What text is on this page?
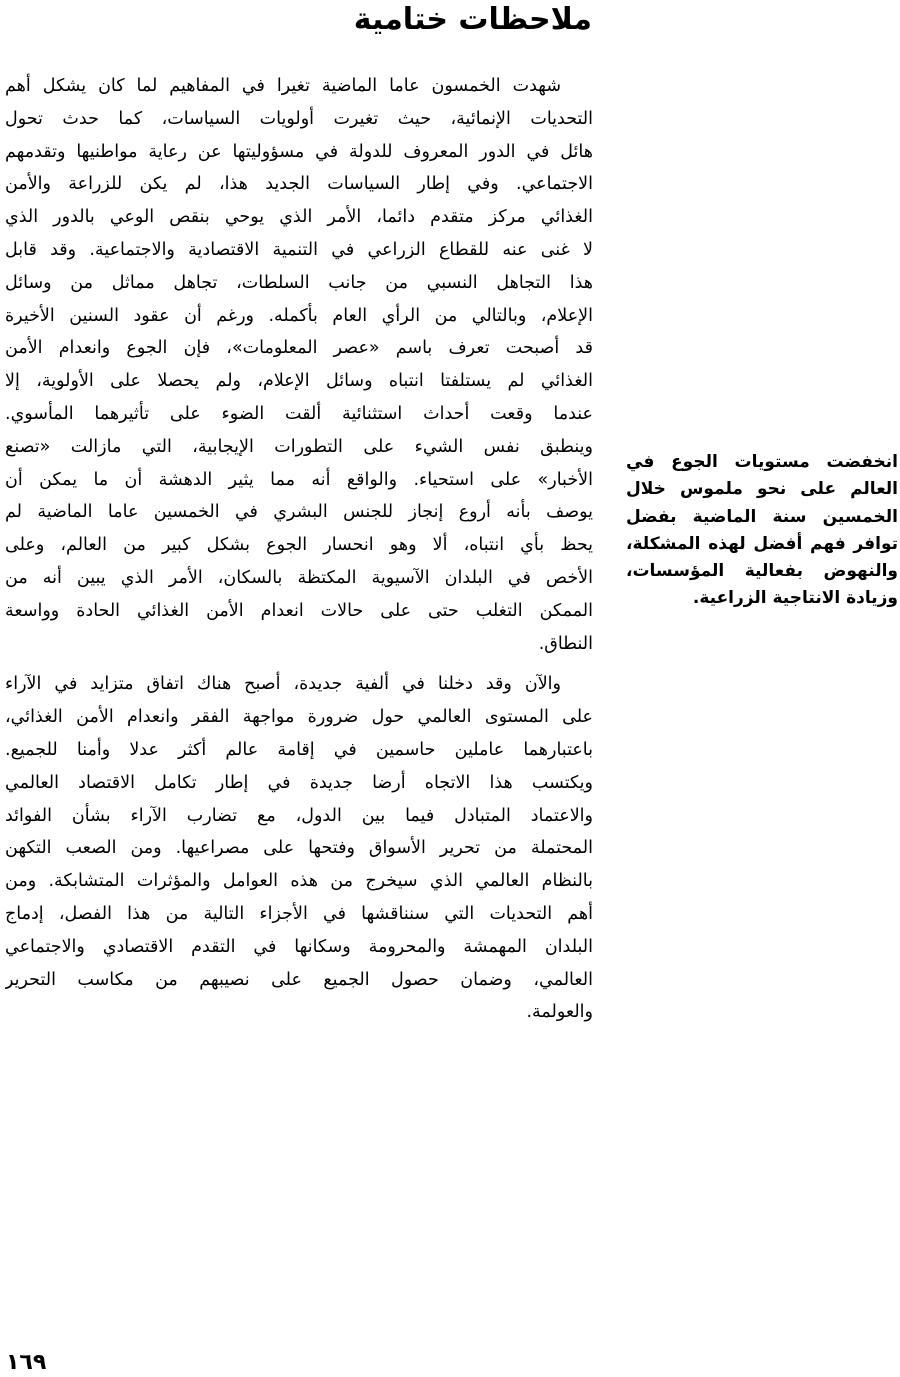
ملاحظات ختامية
شهدت الخمسون عاما الماضية تغيرا في المفاهيم لما كان يشكل أهم
التحديات الإنمائية، حيث تغيرت أولويات السياسات، كما حدث تحول
هائل في الدور المعروف للدولة في مسؤوليتها عن رعاية مواطنيها وتقدمهم
الاجتماعي. وفي إطار السياسات الجديد هذا، لم يكن للزراعة والأمن
الغذائي مركز متقدم دائما، الأمر الذي يوحي بنقص الوعي بالدور الذي
لا غنى عنه للقطاع الزراعي في التنمية الاقتصادية والاجتماعية. وقد قابل
هذا التجاهل النسبي من جانب السلطات، تجاهل مماثل من وسائل
الإعلام، وبالتالي من الرأي العام بأكمله. ورغم أن عقود السنين الأخيرة
قد أصبحت تعرف باسم «عصر المعلومات»، فإن الجوع وانعدام الأمن
الغذائي لم يستلفتا انتباه وسائل الإعلام، ولم يحصلا على الأولوية، إلا
عندما وقعت أحداث استثنائية ألقت الضوء على تأثيرهما المأسوي.
وينطبق نفس الشيء على التطورات الإيجابية، التي مازالت «تصنع
الأخبار» على استحياء. والواقع أنه مما يثير الدهشة أن ما يمكن أن
يوصف بأنه أروع إنجاز للجنس البشري في الخمسين عاما الماضية لم
يحظ بأي انتباه، ألا وهو انحسار الجوع بشكل كبير من العالم، وعلى
الأخص في البلدان الآسيوية المكتظة بالسكان، الأمر الذي يبين أنه من
الممكن التغلب حتى على حالات انعدام الأمن الغذائي الحادة وواسعة
النطاق.
والآن وقد دخلنا في ألفية جديدة، أصبح هناك اتفاق متزايد في الآراء
على المستوى العالمي حول ضرورة مواجهة الفقر وانعدام الأمن الغذائي،
باعتبارهما عاملين حاسمين في إقامة عالم أكثر عدلا وأمنا للجميع.
ويكتسب هذا الاتجاه أرضا جديدة في إطار تكامل الاقتصاد العالمي
والاعتماد المتبادل فيما بين الدول، مع تضارب الآراء بشأن الفوائد
المحتملة من تحرير الأسواق وفتحها على مصراعيها. ومن الصعب التكهن
بالنظام العالمي الذي سيخرج من هذه العوامل والمؤثرات المتشابكة. ومن
أهم التحديات التي سنناقشها في الأجزاء التالية من هذا الفصل، إدماج
البلدان المهمشة والمحرومة وسكانها في التقدم الاقتصادي والاجتماعي
العالمي، وضمان حصول الجميع على نصيبهم من مكاسب التحرير
والعولمة.
انخفضت مستويات الجوع في
العالم على نحو ملموس خلال
الخمسين سنة الماضية بفضل
توافر فهم أفضل لهذه المشكلة،
والنهوض بفعالية المؤسسات،
وزيادة الانتاجية الزراعية.
١٦٩
